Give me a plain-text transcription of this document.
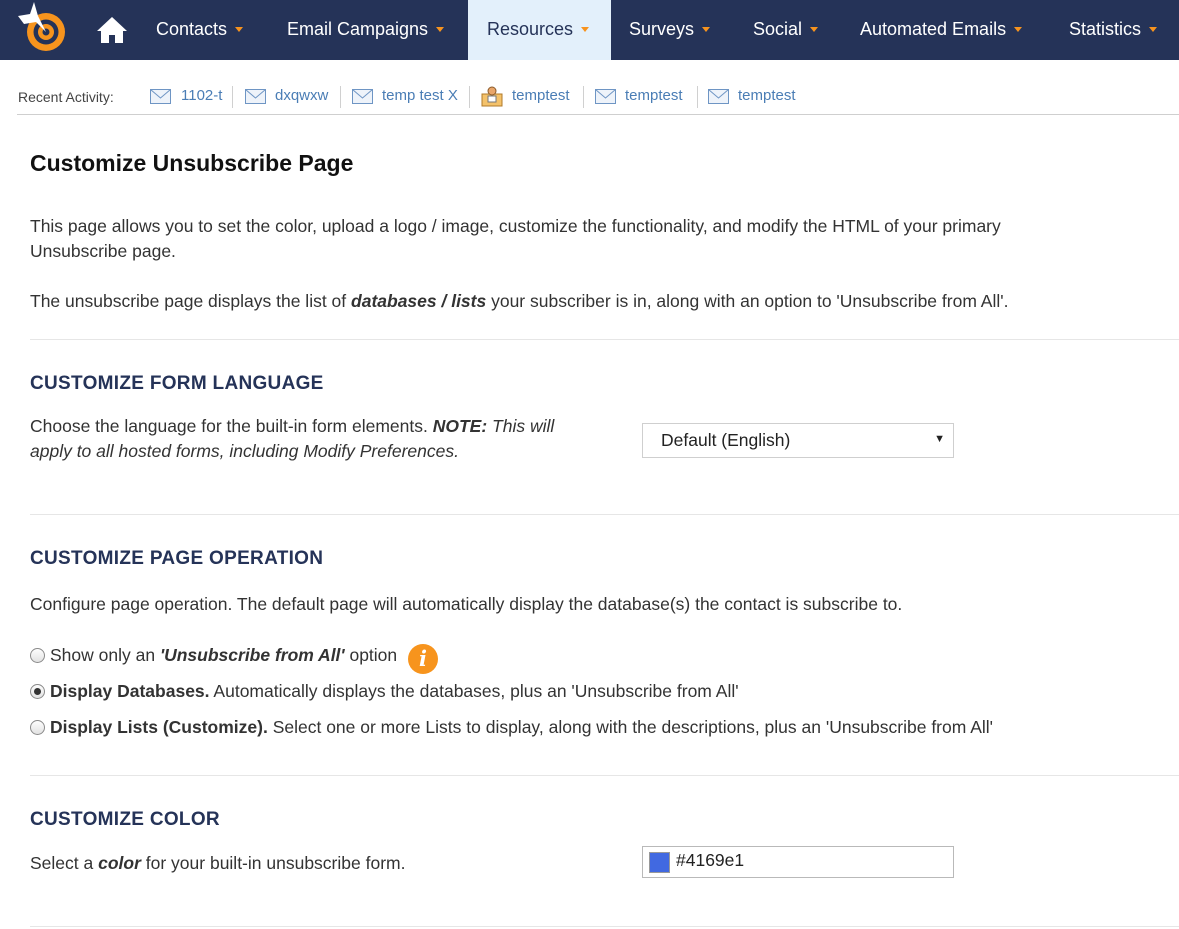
Contacts	Email Campaigns	Resources	Surveys	Social	Automated Emails	Statistics
Recent Activity:	1102-t	dxqwxw	temp test X	temptest	temptest	temptest
Customize Unsubscribe Page
This page allows you to set the color, upload a logo / image, customize the functionality, and modify the HTML of your primary Unsubscribe page.
The unsubscribe page displays the list of databases / lists your subscriber is in, along with an option to 'Unsubscribe from All'.
CUSTOMIZE FORM LANGUAGE
Choose the language for the built-in form elements. NOTE: This will apply to all hosted forms, including Modify Preferences.
Default (English)	▼
CUSTOMIZE PAGE OPERATION
Configure page operation. The default page will automatically display the database(s) the contact is subscribe to.
Show only an 'Unsubscribe from All' option	i
Display Databases. Automatically displays the databases, plus an 'Unsubscribe from All'
Display Lists (Customize). Select one or more Lists to display, along with the descriptions, plus an 'Unsubscribe from All'
CUSTOMIZE COLOR
Select a color for your built-in unsubscribe form.	#4169e1
